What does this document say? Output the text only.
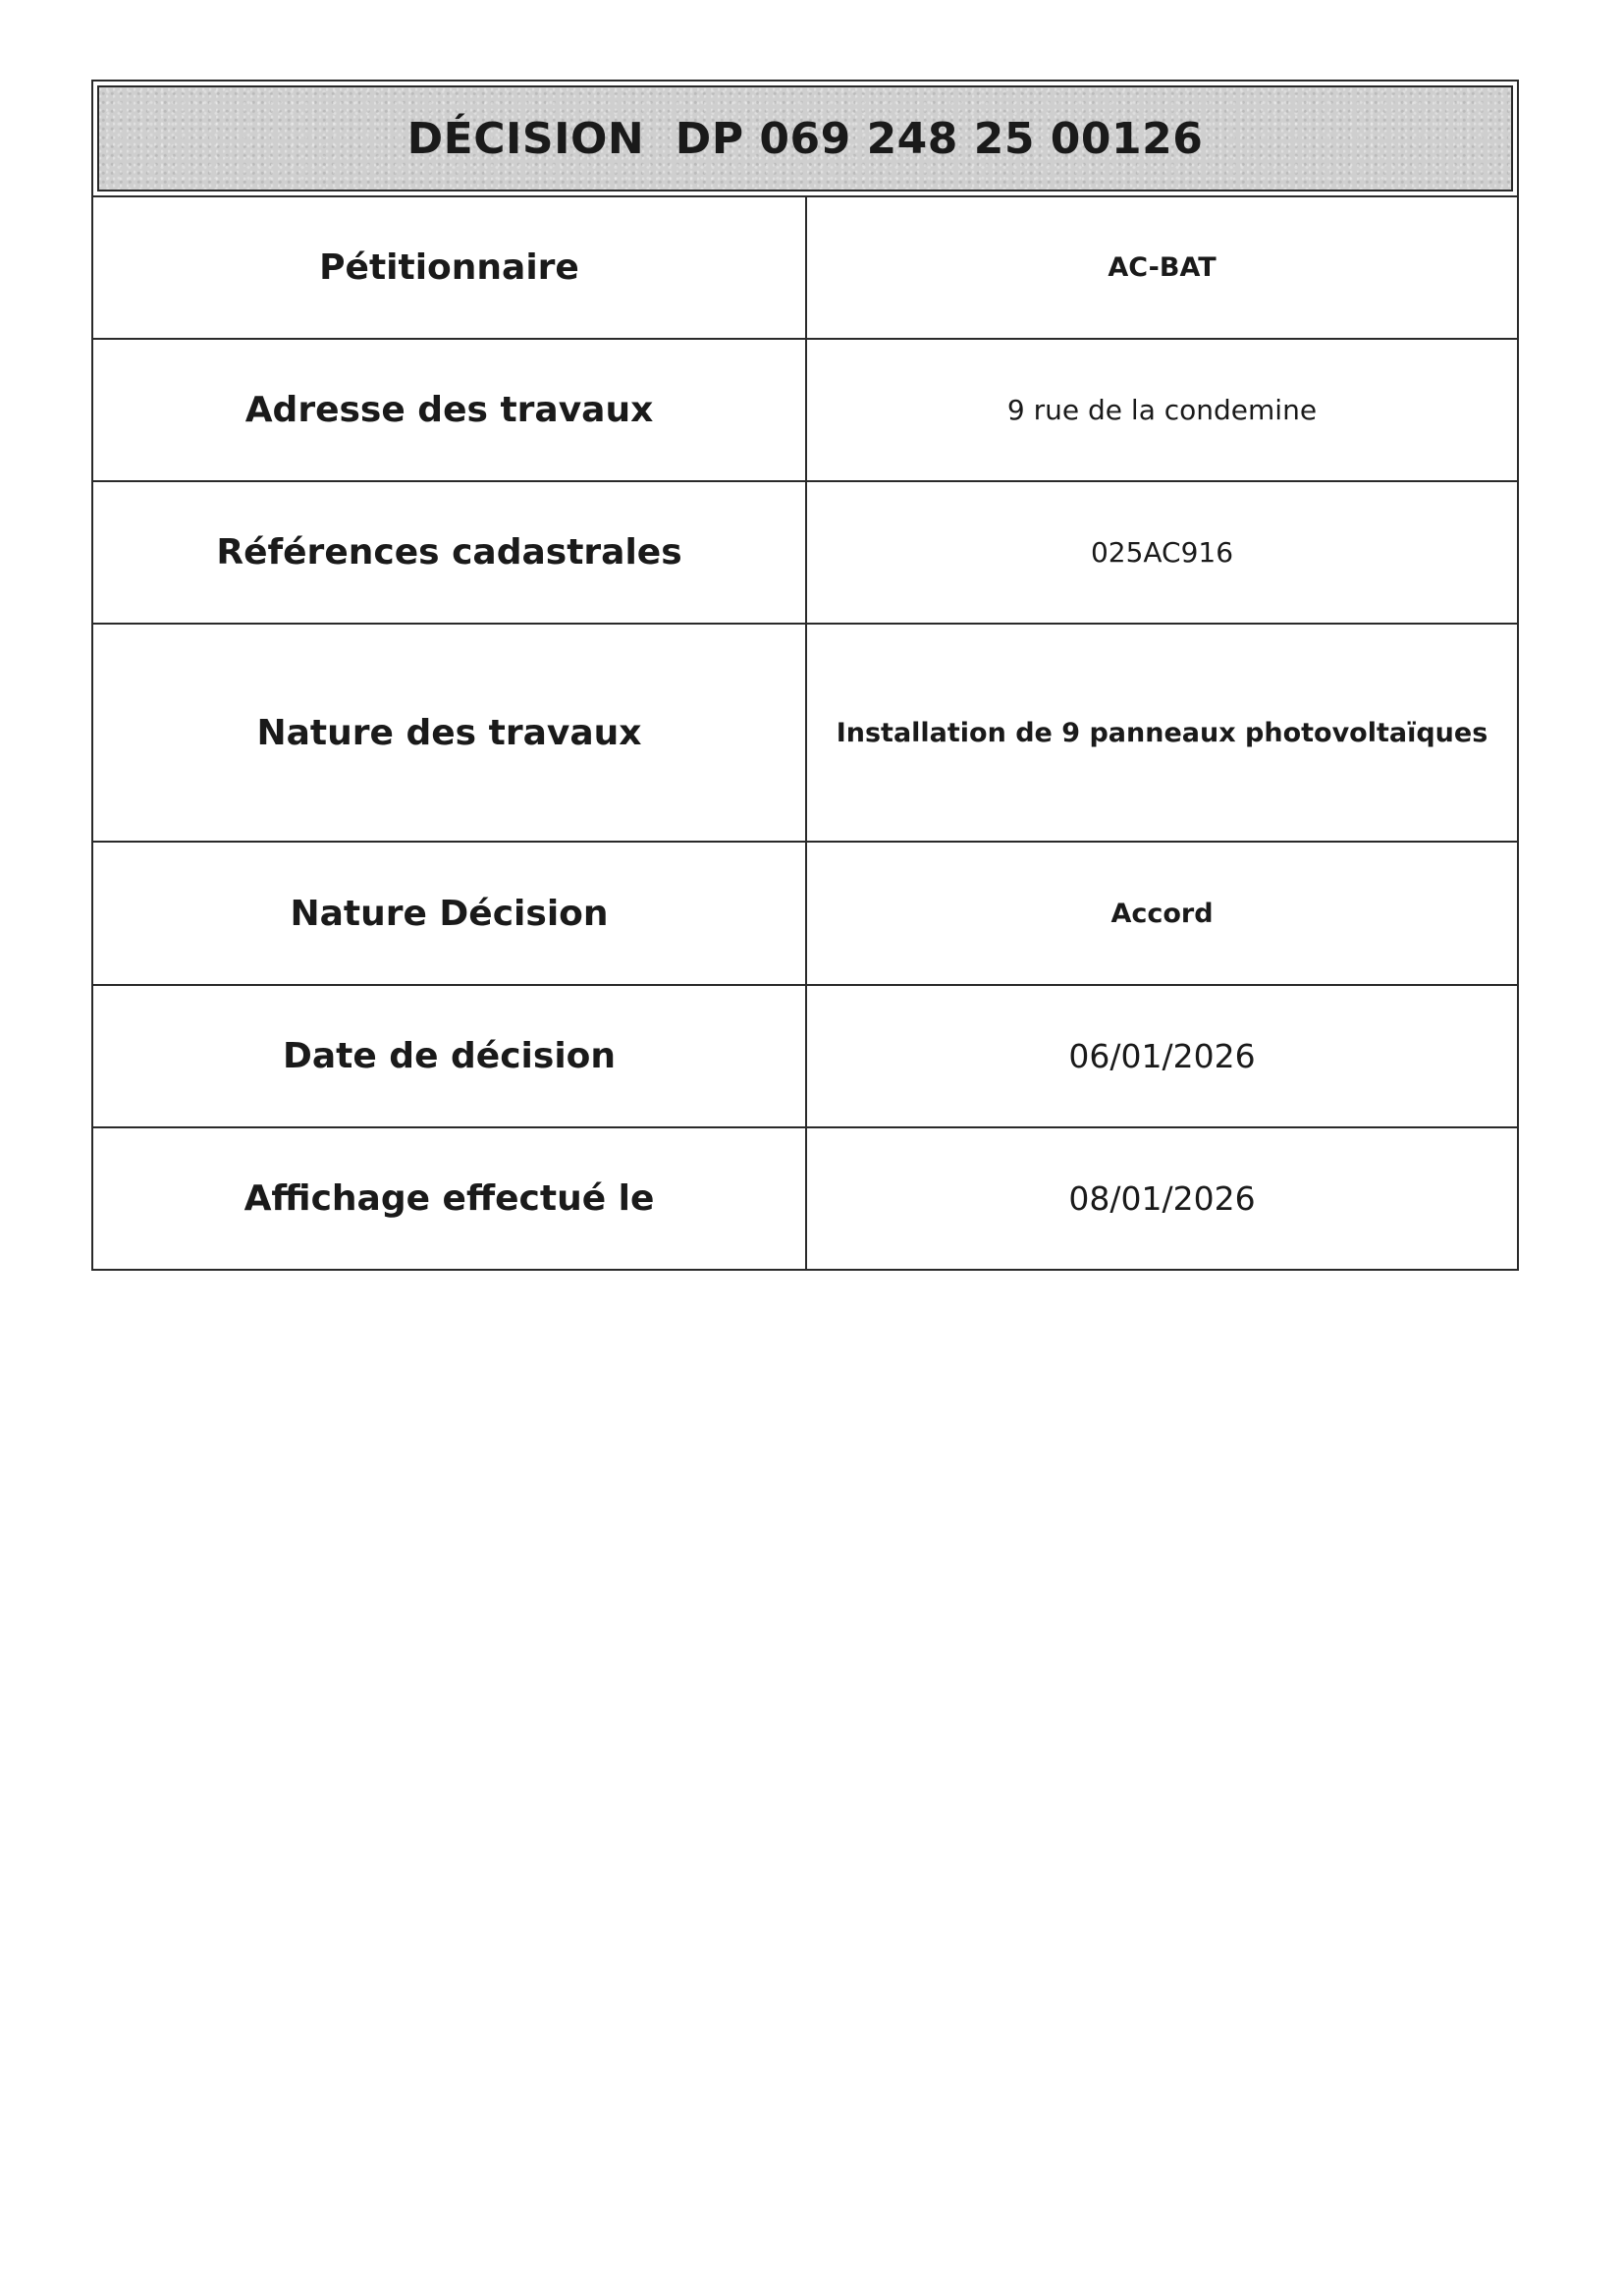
DÉCISION  DP 069 248 25 00126
Pétitionnaire	AC-BAT
Adresse des travaux	9 rue de la condemine
Références cadastrales	025AC916
Nature des travaux	Installation de 9 panneaux photovoltaïques
Nature Décision	Accord
Date de décision	06/01/2026
Affichage effectué le	08/01/2026
